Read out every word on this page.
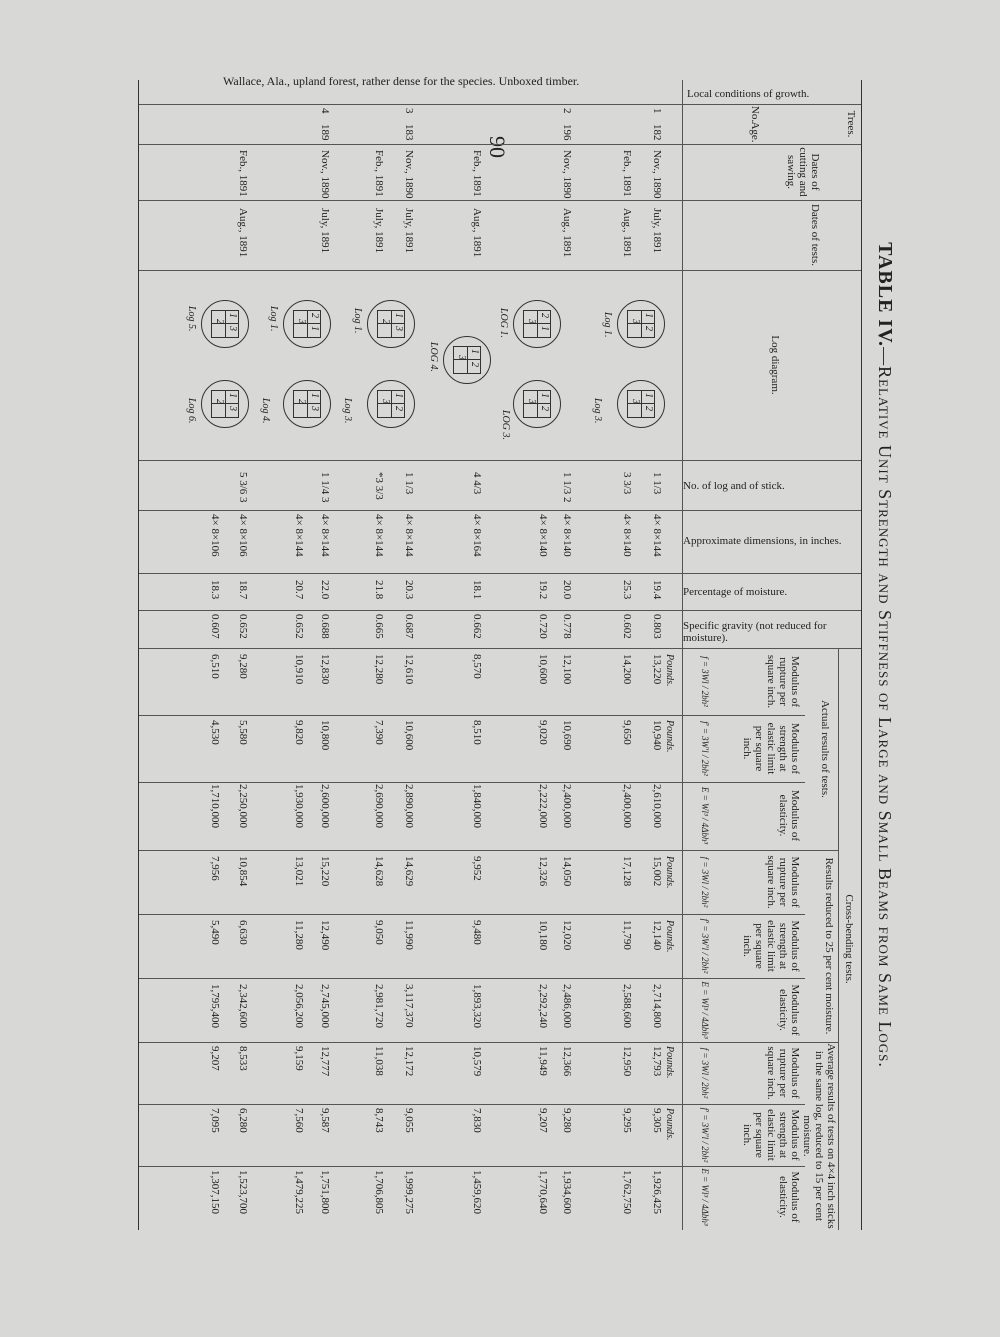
90
TABLE IV.—Relative Unit Strength and Stiffness of Large and Small Beams from Same Logs.
Wallace, Ala., upland forest, rather dense for the species. Unboxed timber.
Local conditions of growth.
Trees.
No.
Age.
Dates of cutting and sawing.
Dates of tests.
Log diagram.
No. of log and of stick.
Approximate dimensions, in inches.
Percentage of moisture.
Specific gravity (not reduced for moisture).
Cross-bending tests.
Actual results of tests.
Results reduced to 25 per cent moisture.
Average results of tests on 4×4 inch sticks in the same log, reduced to 15 per cent moisture.
Modulus of rupture per square inch.
f = 3Wl / 2bh²
Modulus of strength at elastic limit per square inch.
f′ = 3W′l / 2bh²
Modulus of elasticity.
E = Wl³ / 4Δbh³
Modulus of rupture per square inch.
f = 3Wl / 2bh²
Modulus of strength at elastic limit per square inch.
f′ = 3W′l / 2bh²
Modulus of elasticity.
E = Wl³ / 4Δbh³
Modulus of rupture per square inch.
f = 3Wl / 2bh²
Modulus of strength at elastic limit per square inch.
f′ = 3W′l / 2bh²
Modulus of elasticity.
E = Wl³ / 4Δbh³
1
182
Nov., 1890
July, 1891
1 1/3
4× 8×144
19.4
0.803
13,220
10,940
2,610,000
15,002
12,140
2,714,800
12,793
9,305
1,926,425
Feb., 1891
Aug., 1891
3 3/3
4× 8×140
25.3
0.602
14,200
9,650
2,400,000
17,128
11,790
2,588,600
12,950
9,295
1,762,750
2
196
Nov., 1890
Aug., 1891
1 1/3 2
4× 8×140
20.0
0.778
12,100
10,690
2,400,000
14,050
12,020
2,486,000
12,366
9,280
1,934,600
4× 8×140
19.2
0.720
10,600
9,020
2,222,000
12,326
10,180
2,292,240
11,949
9,207
1,770,640
Feb., 1891
Aug., 1891
4 4/3
4× 8×164
18.1
0.662
8,570
8,510
1,840,000
9,952
9,480
1,893,320
10,579
7,830
1,459,620
3
183
Nov., 1890
July, 1891
1 1/3
4× 8×144
20.3
0.687
12,610
10,600
2,890,000
14,629
11,990
3,117,370
12,172
9,055
1,999,275
Feb., 1891
July, 1891
*3 3/3
4× 8×144
21.8
0.665
12,280
7,390
2,690,000
14,628
9,050
2,981,720
11,038
8,743
1,706,805
4
189
Nov., 1890
July, 1891
1 1/4 3
4× 8×144
22.0
0.688
12,830
10,800
2,600,000
15,220
12,490
2,745,000
12,777
9,587
1,751,800
4× 8×144
20.7
0.652
10,910
9,820
1,930,000
13,021
11,280
2,056,200
9,159
7,560
1,479,225
Feb., 1891
Aug., 1891
5 3/6 3
4× 8×106
18.7
0.652
9,280
5,580
2,250,000
10,854
6,630
2,342,600
8,533
6,280
1,523,700
4× 8×106
18.3
0.607
6,510
4,530
1,710,000
7,956
5,490
1,795,400
9,207
7,095
1,307,150
Pounds.
Pounds.
Pounds.
Pounds.
Pounds.
Pounds.
1
2
3
1
2
3
2
1
3
1
2
3
1
2
3
1
3
2
1
2
3
2
1
3
1
3
2
1
3
2
1
3
2
Log 1.
Log 3.
LOG 1.
LOG 3.
LOG 4.
Log 1.
Log 3.
Log 1.
Log 4.
Log 5.
Log 6.
